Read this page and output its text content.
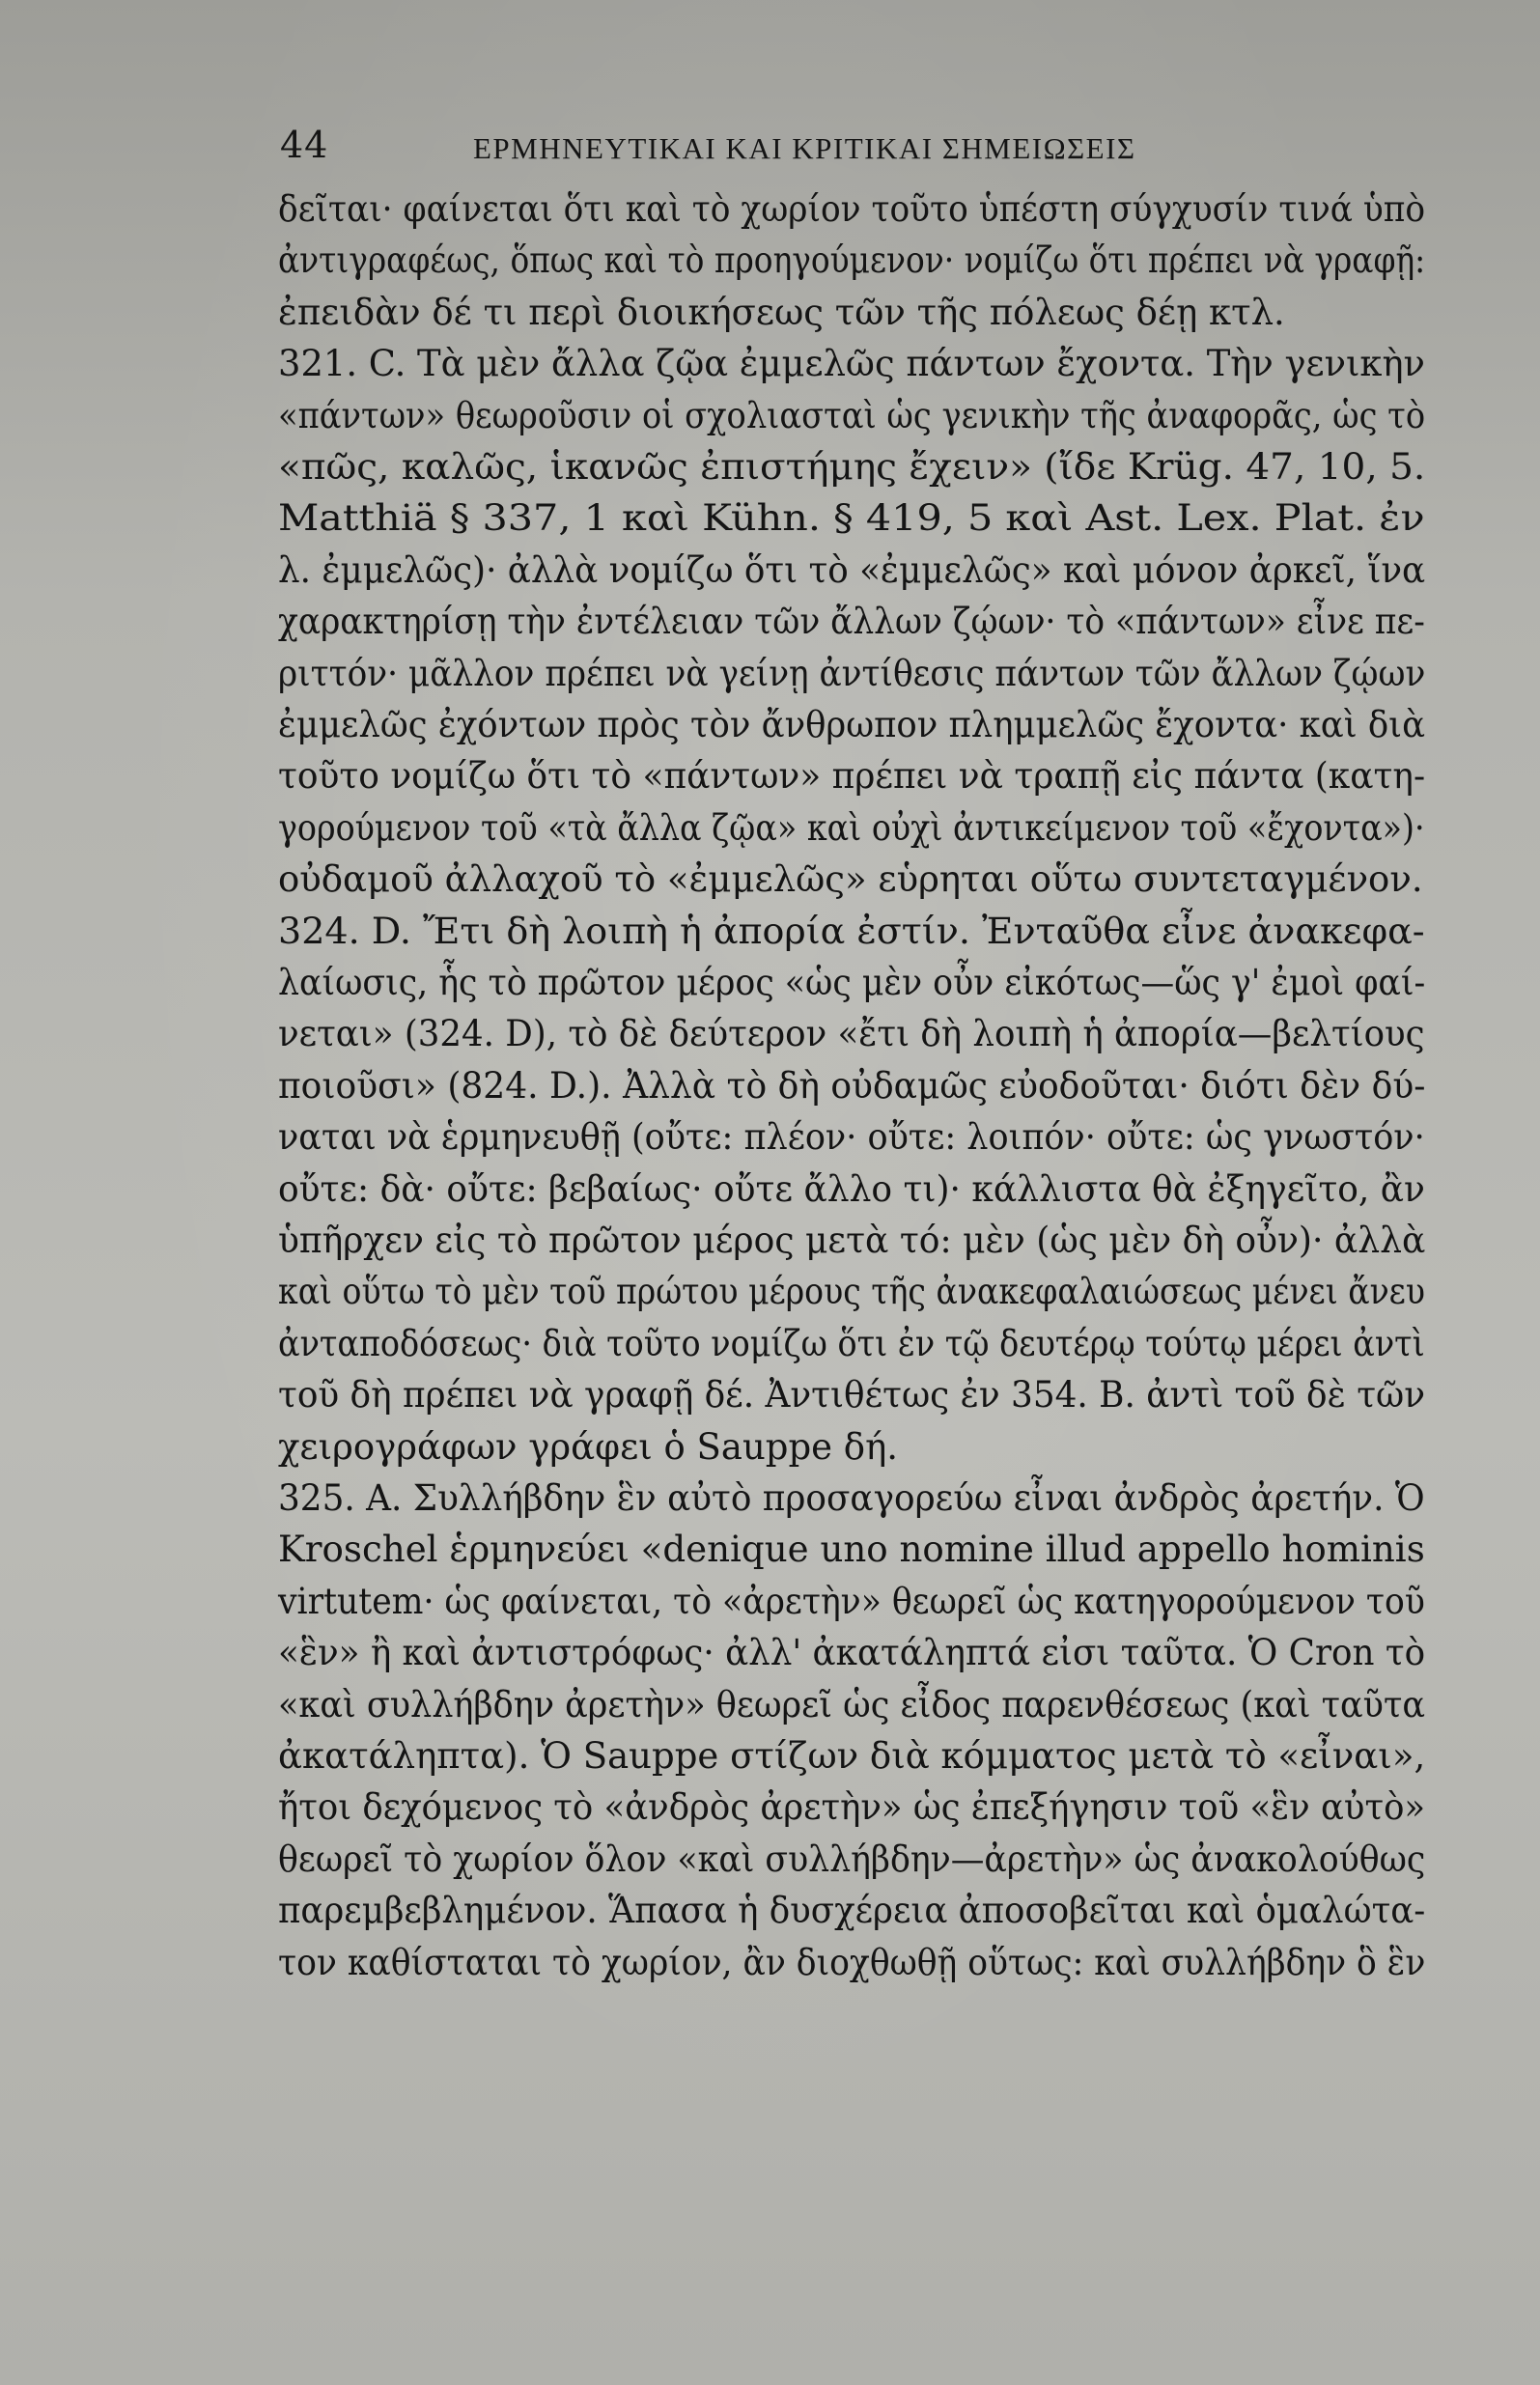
44	ΕΡΜΗΝΕΥΤΙΚΑΙ ΚΑΙ ΚΡΙΤΙΚΑΙ ΣΗΜΕΙΩΣΕΙΣ
δεῖται· φαίνεται ὅτι καὶ τὸ χωρίον τοῦτο ὑπέστη σύγχυσίν τινά ὑπὸ
ἀντιγραφέως, ὅπως καὶ τὸ προηγούμενον· νομίζω ὅτι πρέπει νὰ γραφῇ:
ἐπειδὰν δέ τι περὶ διοικήσεως τῶν τῆς πόλεως δέῃ κτλ.
321. C. Τὰ μὲν ἄλλα ζῷα ἐμμελῶς πάντων ἔχοντα. Τὴν γενικὴν
«πάντων» θεωροῦσιν οἱ σχολιασταὶ ὡς γενικὴν τῆς ἀναφορᾶς, ὡς τὸ
«πῶς, καλῶς, ἱκανῶς ἐπιστήμης ἔχειν» (ἴδε Krüg. 47, 10, 5.
Matthiä § 337, 1 καὶ Kühn. § 419, 5 καὶ Ast. Lex. Plat. ἐν
λ. ἐμμελῶς)· ἀλλὰ νομίζω ὅτι τὸ «ἐμμελῶς» καὶ μόνον ἀρκεῖ, ἵνα
χαρακτηρίσῃ τὴν ἐντέλειαν τῶν ἄλλων ζῴων· τὸ «πάντων» εἶνε πε-
ριττόν· μᾶλλον πρέπει νὰ γείνῃ ἀντίθεσις πάντων τῶν ἄλλων ζῴων
ἐμμελῶς ἐχόντων πρὸς τὸν ἄνθρωπον πλημμελῶς ἔχοντα· καὶ διὰ
τοῦτο νομίζω ὅτι τὸ «πάντων» πρέπει νὰ τραπῇ εἰς πάντα (κατη-
γορούμενον τοῦ «τὰ ἄλλα ζῷα» καὶ οὐχὶ ἀντικείμενον τοῦ «ἔχοντα»)·
οὐδαμοῦ ἀλλαχοῦ τὸ «ἐμμελῶς» εὑρηται οὕτω συντεταγμένον.
324. D. Ἔτι δὴ λοιπὴ ἡ ἀπορία ἐστίν. Ἐνταῦθα εἶνε ἀνακεφα-
λαίωσις, ἧς τὸ πρῶτον μέρος «ὡς μὲν οὖν εἰκότως—ὥς γ' ἐμοὶ φαί-
νεται» (324. D), τὸ δὲ δεύτερον «ἔτι δὴ λοιπὴ ἡ ἀπορία—βελτίους
ποιοῦσι» (824. D.). Ἀλλὰ τὸ δὴ οὐδαμῶς εὐοδοῦται· διότι δὲν δύ-
ναται νὰ ἑρμηνευθῇ (οὔτε: πλέον· οὔτε: λοιπόν· οὔτε: ὡς γνωστόν·
οὔτε: δὰ· οὔτε: βεβαίως· οὔτε ἄλλο τι)· κάλλιστα θὰ ἐξηγεῖτο, ἂν
ὑπῆρχεν εἰς τὸ πρῶτον μέρος μετὰ τό: μὲν (ὡς μὲν δὴ οὖν)· ἀλλὰ
καὶ οὕτω τὸ μὲν τοῦ πρώτου μέρους τῆς ἀνακεφαλαιώσεως μένει ἄνευ
ἀνταποδόσεως· διὰ τοῦτο νομίζω ὅτι ἐν τῷ δευτέρῳ τούτῳ μέρει ἀντὶ
τοῦ δὴ πρέπει νὰ γραφῇ δέ. Ἀντιθέτως ἐν 354. B. ἀντὶ τοῦ δὲ τῶν
χειρογράφων γράφει ὁ Sauppe δή.
325. A. Συλλήβδην ἓν αὐτὸ προσαγορεύω εἶναι ἀνδρὸς ἀρετήν. Ὁ
Kroschel ἑρμηνεύει «denique uno nomine illud appello hominis
virtutem· ὡς φαίνεται, τὸ «ἀρετὴν» θεωρεῖ ὡς κατηγορούμενον τοῦ
«ἓν» ἢ καὶ ἀντιστρόφως· ἀλλ' ἀκατάληπτά εἰσι ταῦτα. Ὁ Cron τὸ
«καὶ συλλήβδην ἀρετὴν» θεωρεῖ ὡς εἶδος παρενθέσεως (καὶ ταῦτα
ἀκατάληπτα). Ὁ Sauppe στίζων διὰ κόμματος μετὰ τὸ «εἶναι»,
ἤτοι δεχόμενος τὸ «ἀνδρὸς ἀρετὴν» ὡς ἐπεξήγησιν τοῦ «ἓν αὐτὸ»
θεωρεῖ τὸ χωρίον ὅλον «καὶ συλλήβδην—ἀρετὴν» ὡς ἀνακολούθως
παρεμβεβλημένον. Ἅπασα ἡ δυσχέρεια ἀποσοβεῖται καὶ ὁμαλώτα-
τον καθίσταται τὸ χωρίον, ἂν διοχθωθῇ οὕτως: καὶ συλλήβδην ὃ ἓν
